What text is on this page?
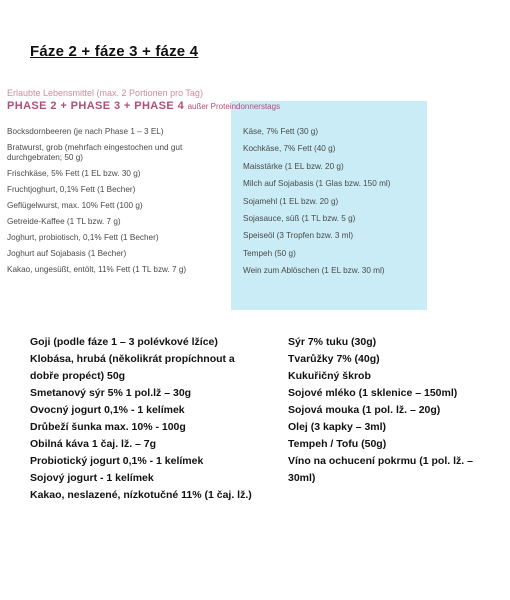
Fáze 2 + fáze 3 + fáze 4
Erlaubte Lebensmittel (max. 2 Portionen pro Tag)
PHASE 2 + PHASE 3 + PHASE 4 außer Proteindonnerstags
Bocksdornbeeren (je nach Phase 1 – 3 EL)
Bratwurst, grob (mehrfach eingestochen und gut durchgebraten; 50 g)
Frischkäse, 5% Fett (1 EL bzw. 30 g)
Fruchtjoghurt, 0,1% Fett (1 Becher)
Geflügelwurst, max. 10% Fett (100 g)
Getreide-Kaffee (1 TL bzw. 7 g)
Joghurt, probiotisch, 0,1% Fett (1 Becher)
Joghurt auf Sojabasis (1 Becher)
Kakao, ungesüßt, entölt, 11% Fett (1 TL bzw. 7 g)
Käse, 7% Fett (30 g)
Kochkäse, 7% Fett (40 g)
Maisstärke (1 EL bzw. 20 g)
Milch auf Sojabasis (1 Glas bzw. 150 ml)
Sojamehl (1 EL bzw. 20 g)
Sojasauce, süß (1 TL bzw. 5 g)
Speiseöl (3 Tropfen bzw. 3 ml)
Tempeh (50 g)
Wein zum Ablöschen (1 EL bzw. 30 ml)
Goji (podle fáze 1 – 3 polévkové lžíce)
Klobása, hrubá (několikrát propíchnout a dobře propéct) 50g
Smetanový sýr 5% 1 pol.lž – 30g
Ovocný jogurt 0,1% - 1 kelímek
Drůbeží šunka max. 10% - 100g
Obilná káva 1 čaj. lž. – 7g
Probiotický jogurt 0,1% - 1 kelímek
Sojový jogurt - 1 kelímek
Kakao, neslazené, nízkotučné 11% (1 čaj. lž.)
Sýr 7% tuku (30g)
Tvarůžky 7% (40g)
Kukuřičný škrob
Sojové mléko (1 sklenice – 150ml)
Sojová mouka (1 pol. lž. – 20g)
Olej (3 kapky – 3ml)
Tempeh / Tofu (50g)
Víno na ochucení pokrmu (1 pol. lž. – 30ml)
